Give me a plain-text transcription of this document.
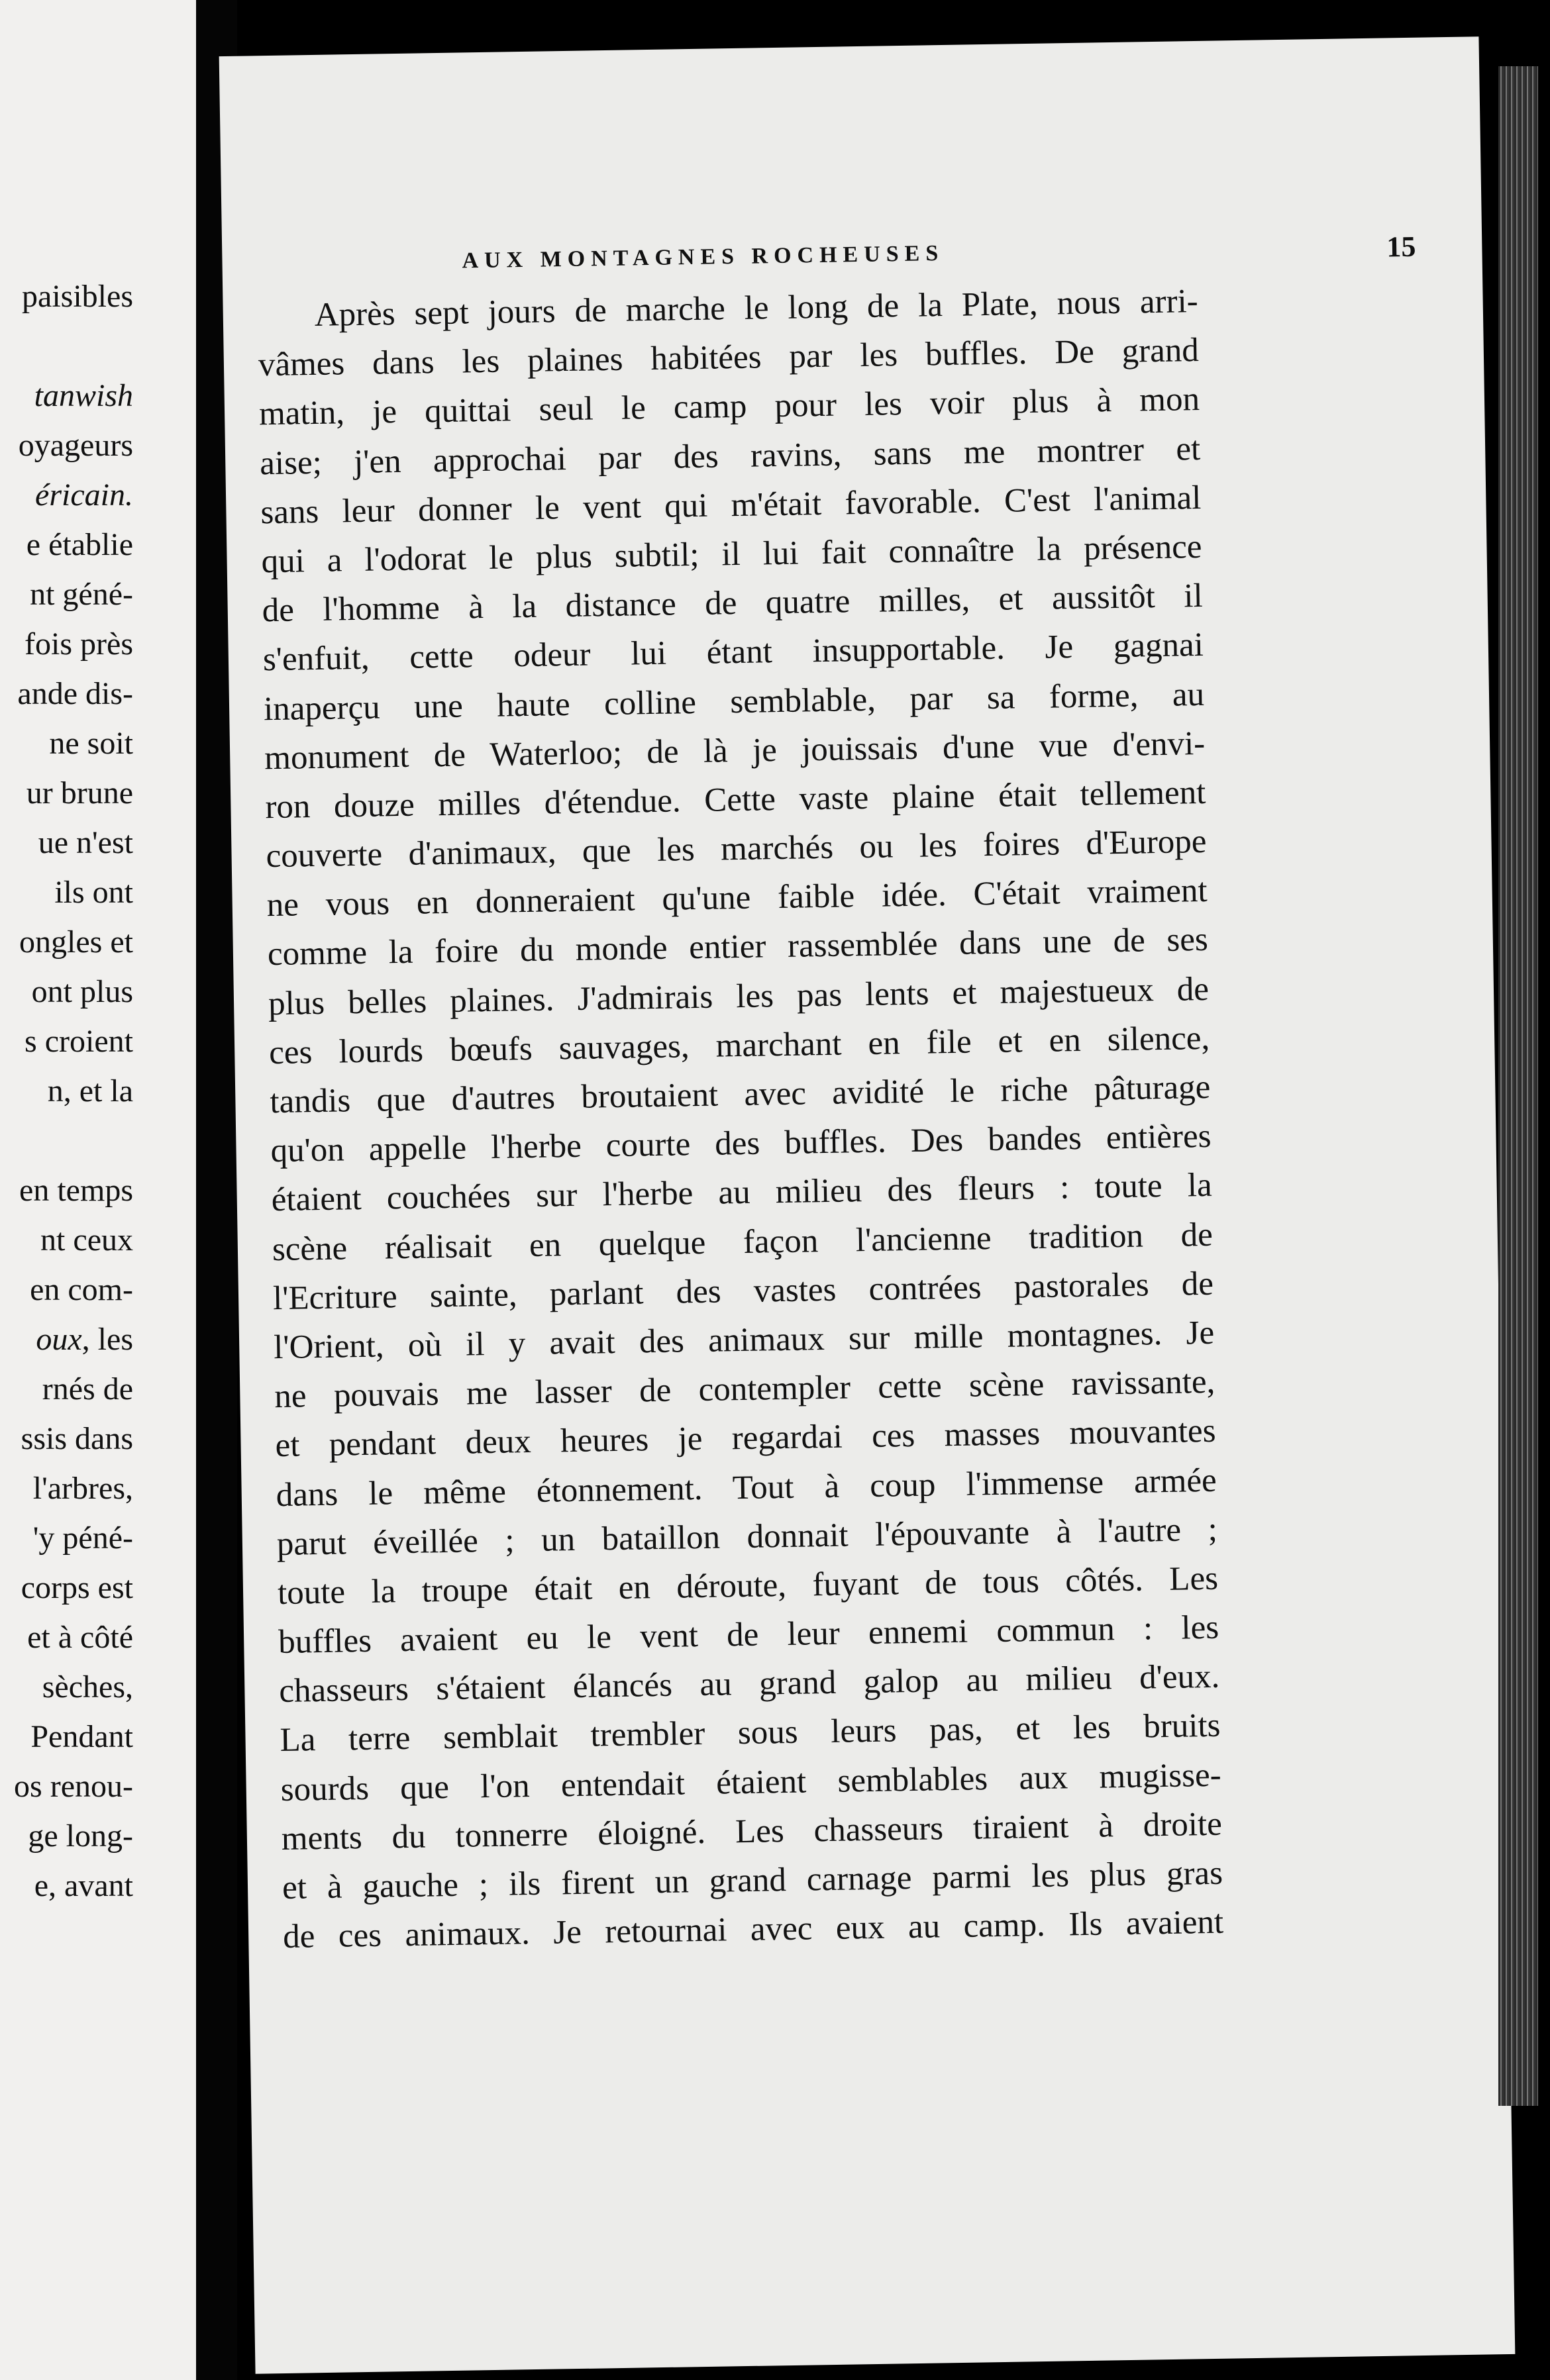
paisibles
tanwish
oyageurs
éricain.
e établie
nt géné-
fois près
ande dis-
ne soit
ur brune
ue n'est
ils ont
ongles et
ont plus
s croient
n, et la
en temps
nt ceux
en com-
oux, les
rnés de
ssis dans
l'arbres,
'y péné-
corps est
et à côté
sèches,
Pendant
os renou-
ge long-
e, avant
AUX MONTAGNES ROCHEUSES	15
Après sept jours de marche le long de la Plate, nous arri-
vâmes dans les plaines habitées par les buffles. De grand
matin, je quittai seul le camp pour les voir plus à mon
aise; j'en approchai par des ravins, sans me montrer et
sans leur donner le vent qui m'était favorable. C'est l'animal
qui a l'odorat le plus subtil; il lui fait connaître la présence
de l'homme à la distance de quatre milles, et aussitôt il
s'enfuit, cette odeur lui étant insupportable. Je gagnai
inaperçu une haute colline semblable, par sa forme, au
monument de Waterloo; de là je jouissais d'une vue d'envi-
ron douze milles d'étendue. Cette vaste plaine était tellement
couverte d'animaux, que les marchés ou les foires d'Europe
ne vous en donneraient qu'une faible idée. C'était vraiment
comme la foire du monde entier rassemblée dans une de ses
plus belles plaines. J'admirais les pas lents et majestueux de
ces lourds bœufs sauvages, marchant en file et en silence,
tandis que d'autres broutaient avec avidité le riche pâturage
qu'on appelle l'herbe courte des buffles. Des bandes entières
étaient couchées sur l'herbe au milieu des fleurs : toute la
scène réalisait en quelque façon l'ancienne tradition de
l'Ecriture sainte, parlant des vastes contrées pastorales de
l'Orient, où il y avait des animaux sur mille montagnes. Je
ne pouvais me lasser de contempler cette scène ravissante,
et pendant deux heures je regardai ces masses mouvantes
dans le même étonnement. Tout à coup l'immense armée
parut éveillée ; un bataillon donnait l'épouvante à l'autre ;
toute la troupe était en déroute, fuyant de tous côtés. Les
buffles avaient eu le vent de leur ennemi commun : les
chasseurs s'étaient élancés au grand galop au milieu d'eux.
La terre semblait trembler sous leurs pas, et les bruits
sourds que l'on entendait étaient semblables aux mugisse-
ments du tonnerre éloigné. Les chasseurs tiraient à droite
et à gauche ; ils firent un grand carnage parmi les plus gras
de ces animaux. Je retournai avec eux au camp. Ils avaient
